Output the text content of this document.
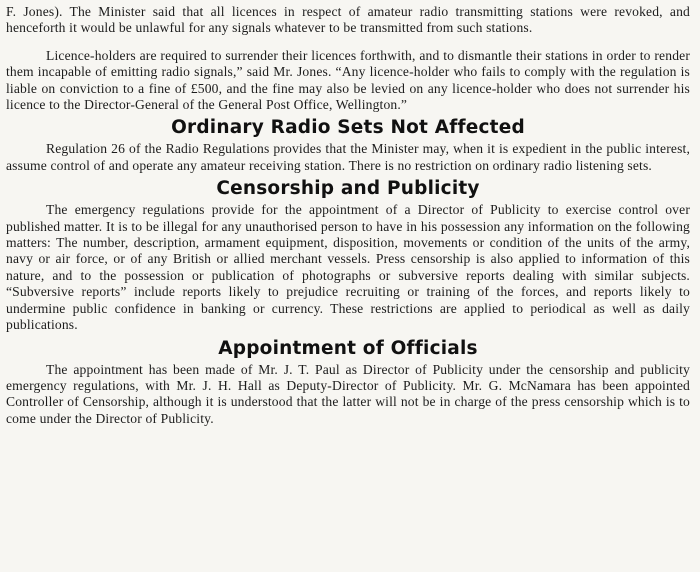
F. Jones). The Minister said that all licences in respect of amateur radio transmitting stations were revoked, and henceforth it would be unlawful for any signals whatever to be transmitted from such stations.

Licence-holders are required to surrender their licences forthwith, and to dismantle their stations in order to render them incapable of emitting radio signals,” said Mr. Jones. “Any licence-holder who fails to comply with the regulation is liable on conviction to a fine of £500, and the fine may also be levied on any licence-holder who does not surrender his licence to the Director-General of the General Post Office, Wellington.”

Ordinary Radio Sets Not Affected

Regulation 26 of the Radio Regulations provides that the Minister may, when it is expedient in the public interest, assume control of and operate any amateur receiving station. There is no restriction on ordinary radio listening sets.

Censorship and Publicity

The emergency regulations provide for the appointment of a Director of Publicity to exercise control over published matter. It is to be illegal for any unauthorised person to have in his possession any information on the following matters: The number, description, armament equipment, disposition, movements or condition of the units of the army, navy or air force, or of any British or allied merchant vessels. Press censorship is also applied to information of this nature, and to the possession or publication of photographs or subversive reports dealing with similar subjects. “Subversive reports” include reports likely to prejudice recruiting or training of the forces, and reports likely to undermine public confidence in banking or currency. These restrictions are applied to periodical as well as daily publications.

Appointment of Officials

The appointment has been made of Mr. J. T. Paul as Director of Publicity under the censorship and publicity emergency regulations, with Mr. J. H. Hall as Deputy-Director of Publicity. Mr. G. McNamara has been appointed Controller of Censorship, although it is understood that the latter will not be in charge of the press censorship which is to come under the Director of Publicity.
